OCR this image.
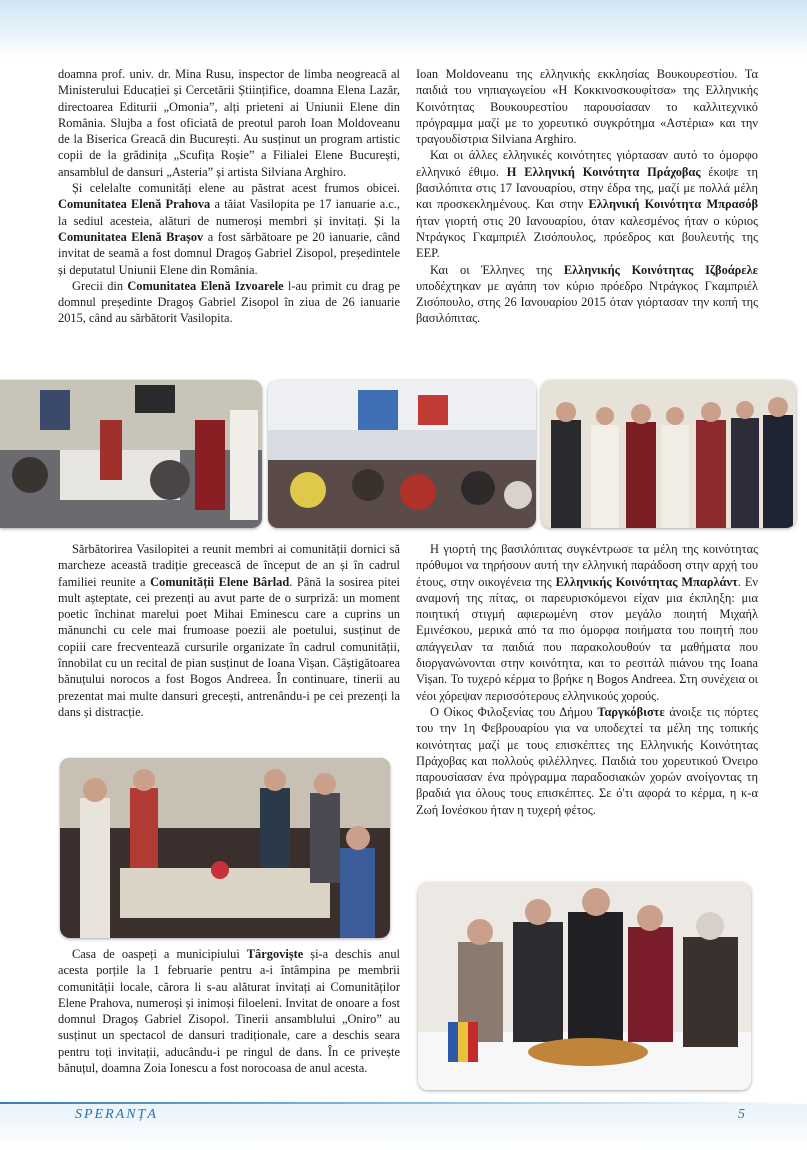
doamna prof. univ. dr. Mina Rusu, inspector de limba neogreacă al Ministerului Educației și Cercetării Științifice, doamna Elena Lazăr, directoarea Editurii „Omonia”, alți prieteni ai Uniunii Elene din România. Slujba a fost oficiată de preotul paroh Ioan Moldoveanu de la Biserica Greacă din București. Au susținut un program artistic copii de la grădinița „Scufița Roșie” a Filialei Elene București, ansamblul de dansuri „Asteria” și artista Silviana Arghiro.

Și celelalte comunități elene au păstrat acest frumos obicei. Comunitatea Elenă Prahova a tăiat Vasilopita pe 17 ianuarie a.c., la sediul acesteia, alături de numeroși membri și invitați. Și la Comunitatea Elenă Brașov a fost sărbătoare pe 20 ianuarie, când invitat de seamă a fost domnul Dragoș Gabriel Zisopol, președintele și deputatul Uniunii Elene din România.

Grecii din Comunitatea Elenă Izvoarele l-au primit cu drag pe domnul președinte Dragoș Gabriel Zisopol în ziua de 26 ianuarie 2015, când au sărbătorit Vasilopita.

Ioan Moldoveanu της ελληνικής εκκλησίας Βουκουρεστίου. Τα παιδιά του νηπιαγωγείου «Η Κοκκινοσκουφίτσα» της Ελληνικής Κοινότητας Βουκουρεστίου παρουσίασαν το καλλιτεχνικό πρόγραμμα μαζί με το χορευτικό συγκρότημα «Αστέρια» και την τραγουδίστρια Silviana Arghiro.

Και οι άλλες ελληνικές κοινότητες γιόρτασαν αυτό το όμορφο ελληνικό έθιμο. Η Ελληνική Κοινότητα Πράχοβας έκοψε τη βασιλόπιτα στις 17 Ιανουαρίου, στην έδρα της, μαζί με πολλά μέλη και προσκεκλημένους. Και στην Ελληνική Κοινότητα Μπρασόβ ήταν γιορτή στις 20 Ιανουαρίου, όταν καλεσμένος ήταν ο κύριος Ντράγκος Γκαμπριέλ Ζισόπουλος, πρόεδρος και βουλευτής της ΕΕΡ.

Και οι Έλληνες της Ελληνικής Κοινότητας Ιζβοάρελε υποδέχτηκαν με αγάπη τον κύριο πρόεδρο Ντράγκος Γκαμπριέλ Ζισόπουλο, στης 26 Ιανουαρίου 2015 όταν γιόρτασαν την κοπή της βασιλόπιτας.

Sărbătorirea Vasilopitei a reunit membri ai comunității dornici să marcheze această tradiție grecească de început de an și în cadrul familiei reunite a Comunității Elene Bârlad. Până la sosirea pitei mult așteptate, cei prezenți au avut parte de o surpriză: un moment poetic închinat marelui poet Mihai Eminescu care a cuprins un mănunchi cu cele mai frumoase poezii ale poetului, susținut de copiii care frecventează cursurile organizate în cadrul comunității, înnobilat cu un recital de pian susținut de Ioana Vișan. Câștigătoarea bănuțului norocos a fost Bogos Andreea. În continuare, tinerii au prezentat mai multe dansuri grecești, antrenându-i pe cei prezenți la dans și distracție.

Η γιορτή της βασιλόπιτας συγκέντρωσε τα μέλη της κοινότητας πρόθυμοι να τηρήσουν αυτή την ελληνική παράδοση στην αρχή του έτους, στην οικογένεια της Ελληνικής Κοινότητας Μπαρλάντ. Εν αναμονή της πίτας, οι παρευρισκόμενοι είχαν μια έκπληξη: μια ποιητική στιγμή αφιερωμένη στον μεγάλο ποιητή Μιχαήλ Εμινέσκου, μερικά από τα πιο όμορφα ποιήματα του ποιητή που απάγγειλαν τα παιδιά που παρακολουθούν τα μαθήματα που διοργανώνονται στην κοινότητα, και το ρεσιτάλ πιάνου της Ioana Vișan. Το τυχερό κέρμα το βρήκε η Bogos Andreea. Στη συνέχεια οι νέοι χόρεψαν περισσότερους ελληνικούς χορούς.

Ο Οίκος Φιλοξενίας του Δήμου Ταργκόβιστε άνοιξε τις πόρτες του την 1η Φεβρουαρίου για να υποδεχτεί τα μέλη της τοπικής κοινότητας μαζί με τους επισκέπτες της Ελληνικής Κοινότητας Πράχοβας και πολλούς φιλέλληνες. Παιδιά του χορευτικού Όνειρο παρουσίασαν ένα πρόγραμμα παραδοσιακών χορών ανοίγοντας τη βραδιά για όλους τους επισκέπτες. Σε ό'τι αφορά το κέρμα, η κ-α Ζωή Ιονέσκου ήταν η τυχερή φέτος.

Casa de oaspeți a municipiului Târgoviște și-a deschis anul acesta porțile la 1 februarie pentru a-i întâmpina pe membrii comunității locale, cărora li s-au alăturat invitați ai Comunităților Elene Prahova, numeroși și inimoși filoeleni. Invitat de onoare a fost domnul Dragoș Gabriel Zisopol. Tinerii ansamblului „Oniro” au susținut un spectacol de dansuri tradiționale, care a deschis seara pentru toți invitații, aducându-i pe ringul de dans. În ce privește bănuțul, doamna Zoia Ionescu a fost norocoasa de anul acesta.

SPERANȚA	5
